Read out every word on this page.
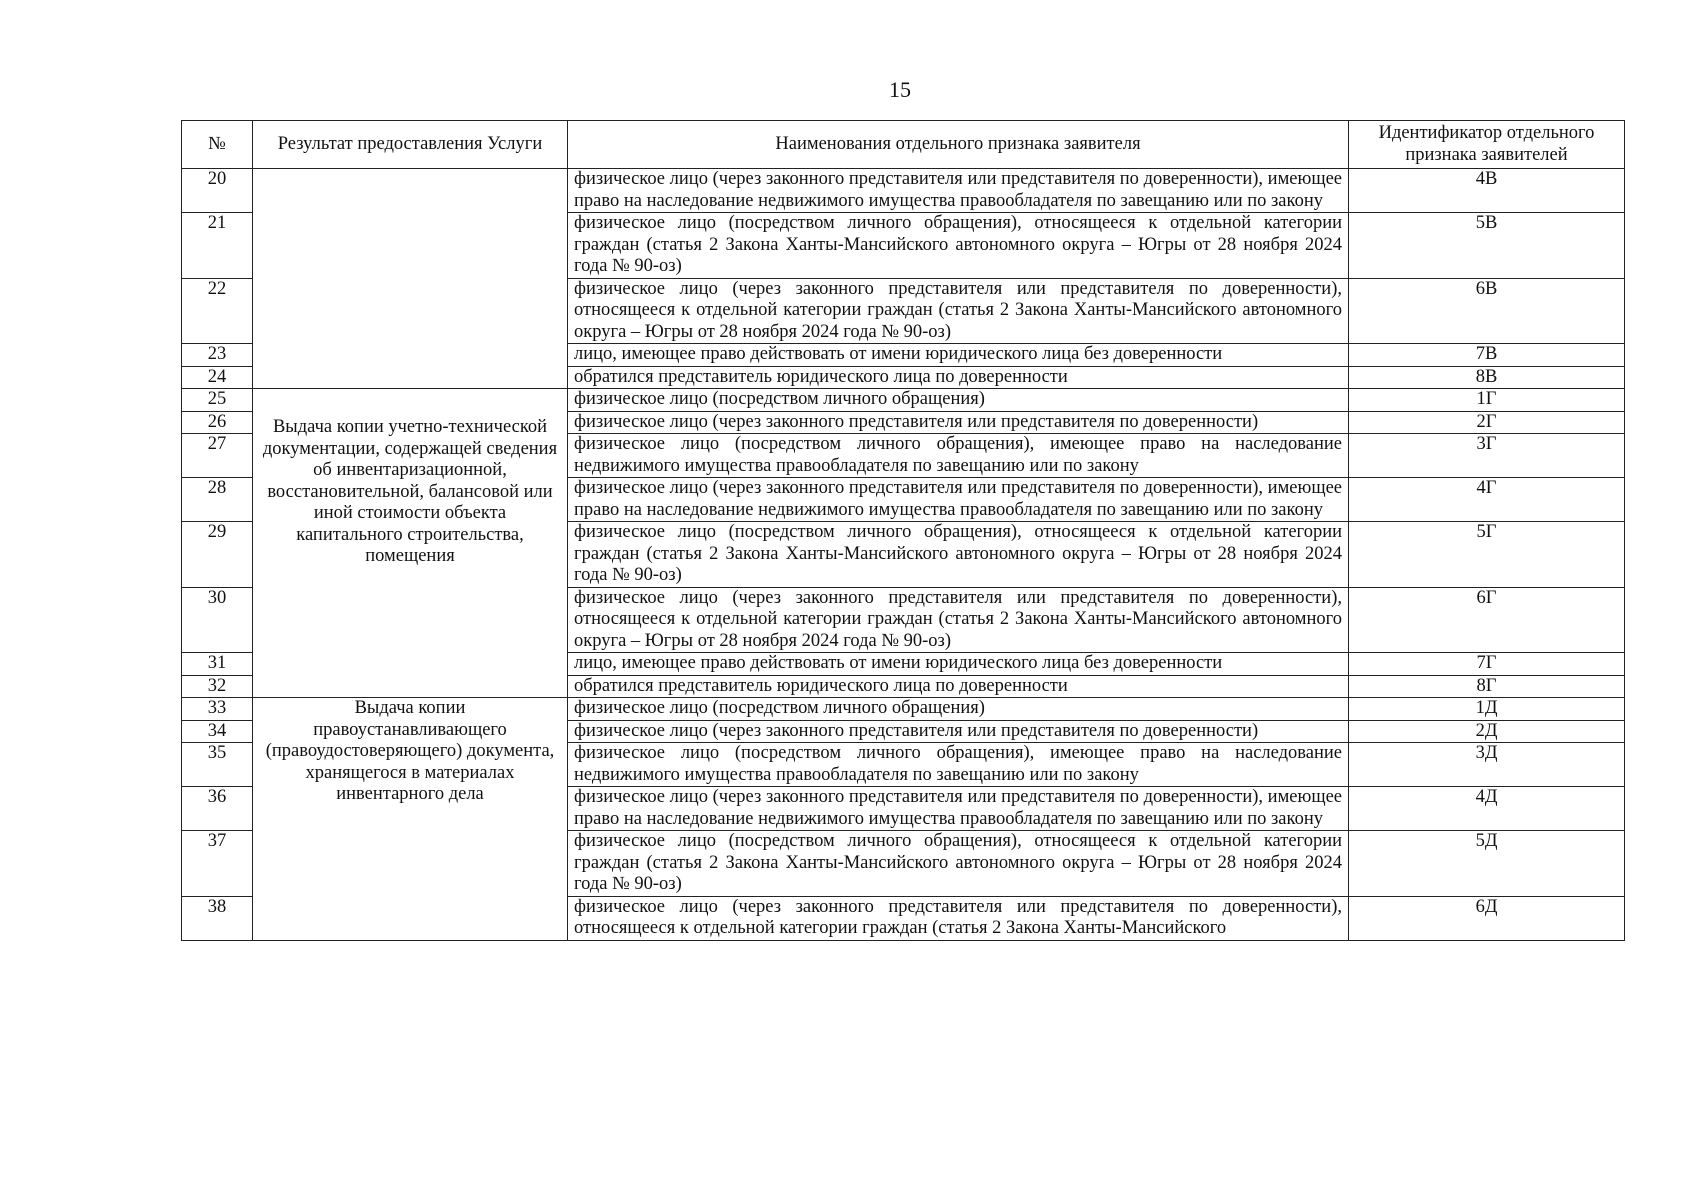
15
№	Результат предоставления Услуги	Наименования отдельного признака заявителя	Идентификатор отдельного признака заявителей
20		физическое лицо (через законного представителя или представителя по доверенности), имеющее право на наследование недвижимого имущества правообладателя по завещанию или по закону	4В
21		физическое лицо (посредством личного обращения), относящееся к отдельной категории граждан (статья 2 Закона Ханты-Мансийского автономного округа – Югры от 28 ноября 2024 года № 90-оз)	5В
22		физическое лицо (через законного представителя или представителя по доверенности), относящееся к отдельной категории граждан (статья 2 Закона Ханты-Мансийского автономного округа – Югры от 28 ноября 2024 года № 90-оз)	6В
23		лицо, имеющее право действовать от имени юридического лица без доверенности	7В
24		обратился представитель юридического лица по доверенности	8В
25	Выдача копии учетно-технической документации, содержащей сведения об инвентаризационной, восстановительной, балансовой или иной стоимости объекта капитального строительства, помещения	физическое лицо (посредством личного обращения)	1Г
26		физическое лицо (через законного представителя или представителя по доверенности)	2Г
27		физическое лицо (посредством личного обращения), имеющее право на наследование недвижимого имущества правообладателя по завещанию или по закону	3Г
28		физическое лицо (через законного представителя или представителя по доверенности), имеющее право на наследование недвижимого имущества правообладателя по завещанию или по закону	4Г
29		физическое лицо (посредством личного обращения), относящееся к отдельной категории граждан (статья 2 Закона Ханты-Мансийского автономного округа – Югры от 28 ноября 2024 года № 90-оз)	5Г
30		физическое лицо (через законного представителя или представителя по доверенности), относящееся к отдельной категории граждан (статья 2 Закона Ханты-Мансийского автономного округа – Югры от 28 ноября 2024 года № 90-оз)	6Г
31		лицо, имеющее право действовать от имени юридического лица без доверенности	7Г
32		обратился представитель юридического лица по доверенности	8Г
33	Выдача копии правоустанавливающего (правоудостоверяющего) документа, хранящегося в материалах инвентарного дела	физическое лицо (посредством личного обращения)	1Д
34		физическое лицо (через законного представителя или представителя по доверенности)	2Д
35		физическое лицо (посредством личного обращения), имеющее право на наследование недвижимого имущества правообладателя по завещанию или по закону	3Д
36		физическое лицо (через законного представителя или представителя по доверенности), имеющее право на наследование недвижимого имущества правообладателя по завещанию или по закону	4Д
37		физическое лицо (посредством личного обращения), относящееся к отдельной категории граждан (статья 2 Закона Ханты-Мансийского автономного округа – Югры от 28 ноября 2024 года № 90-оз)	5Д
38		физическое лицо (через законного представителя или представителя по доверенности), относящееся к отдельной категории граждан (статья 2 Закона Ханты-Мансийского	6Д
